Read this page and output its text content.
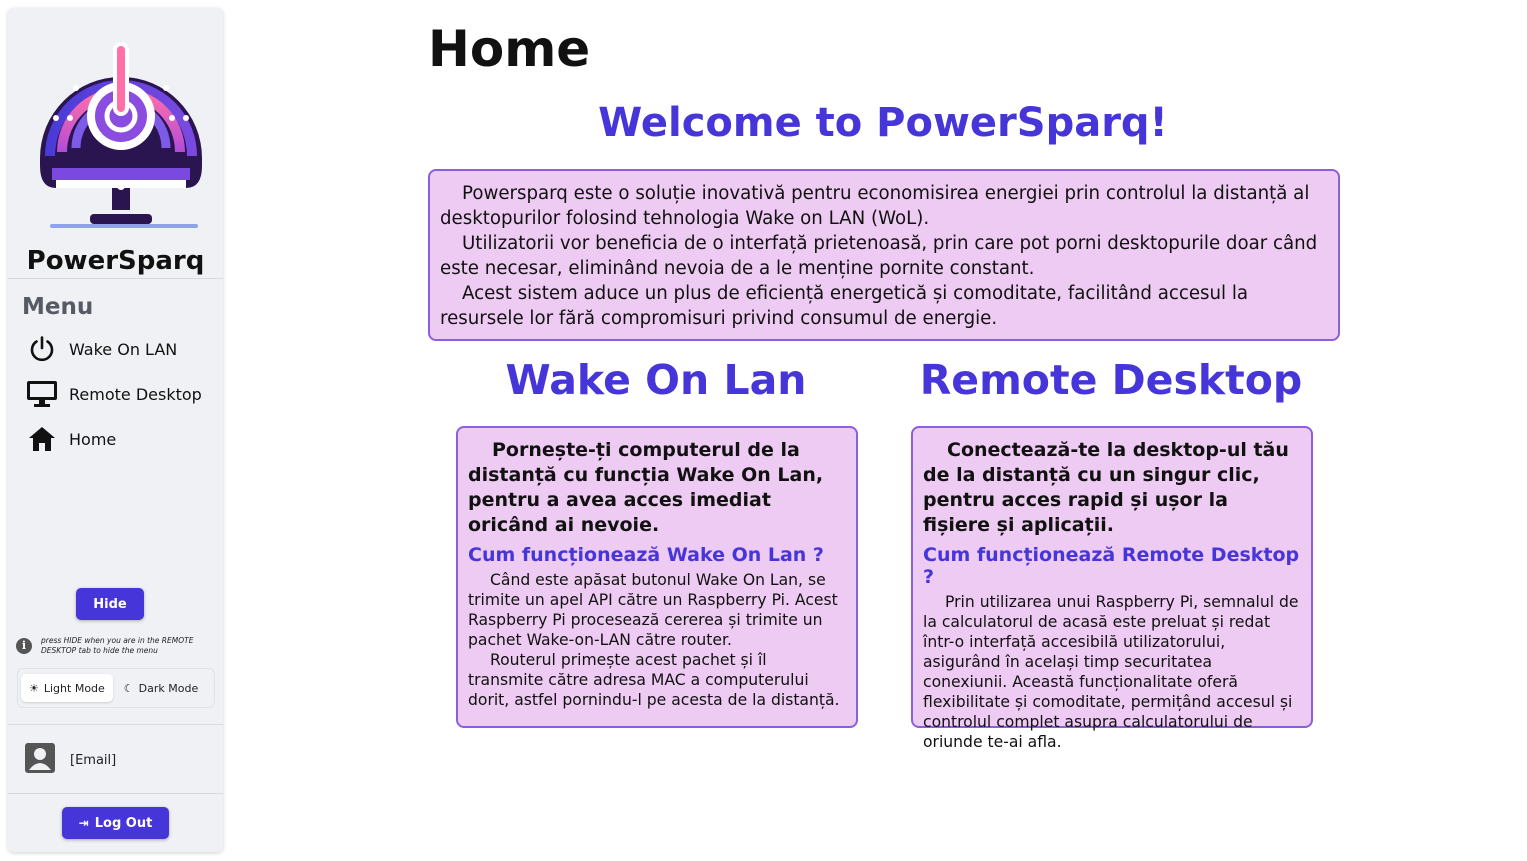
PowerSparq
Menu
Wake On LAN
Remote Desktop
Home
Hide
i	press HIDE when you are in the REMOTE DESKTOP tab to hide the menu
☀ Light Mode ☾ Dark Mode
[Email]
⇥ Log Out
Home
Welcome to PowerSparq!

Powersparq este o soluție inovativă pentru economisirea energiei prin controlul la distanță al desktopurilor folosind tehnologia Wake on LAN (WoL).

Utilizatorii vor beneficia de o interfață prietenoasă, prin care pot porni desktopurile doar când este necesar, eliminând nevoia de a le menține pornite constant.

Acest sistem aduce un plus de eficiență energetică și comoditate, facilitând accesul la resursele lor fără compromisuri privind consumul de energie.

Wake On Lan

Pornește-ți computerul de la distanță cu funcția Wake On Lan, pentru a avea acces imediat oricând ai nevoie.

Cum funcționează Wake On Lan ?

Când este apăsat butonul Wake On Lan, se trimite un apel API către un Raspberry Pi. Acest Raspberry Pi procesează cererea și trimite un pachet Wake-on-LAN către router.

Routerul primește acest pachet și îl transmite către adresa MAC a computerului dorit, astfel pornindu-l pe acesta de la distanță.

Remote Desktop

Conectează-te la desktop-ul tău de la distanță cu un singur clic, pentru acces rapid și ușor la fișiere și aplicații.

Cum funcționează Remote Desktop ?

Prin utilizarea unui Raspberry Pi, semnalul de la calculatorul de acasă este preluat și redat într-o interfață accesibilă utilizatorului, asigurând în același timp securitatea conexiunii. Această funcționalitate oferă flexibilitate și comoditate, permițând accesul și controlul complet asupra calculatorului de oriunde te-ai afla.
